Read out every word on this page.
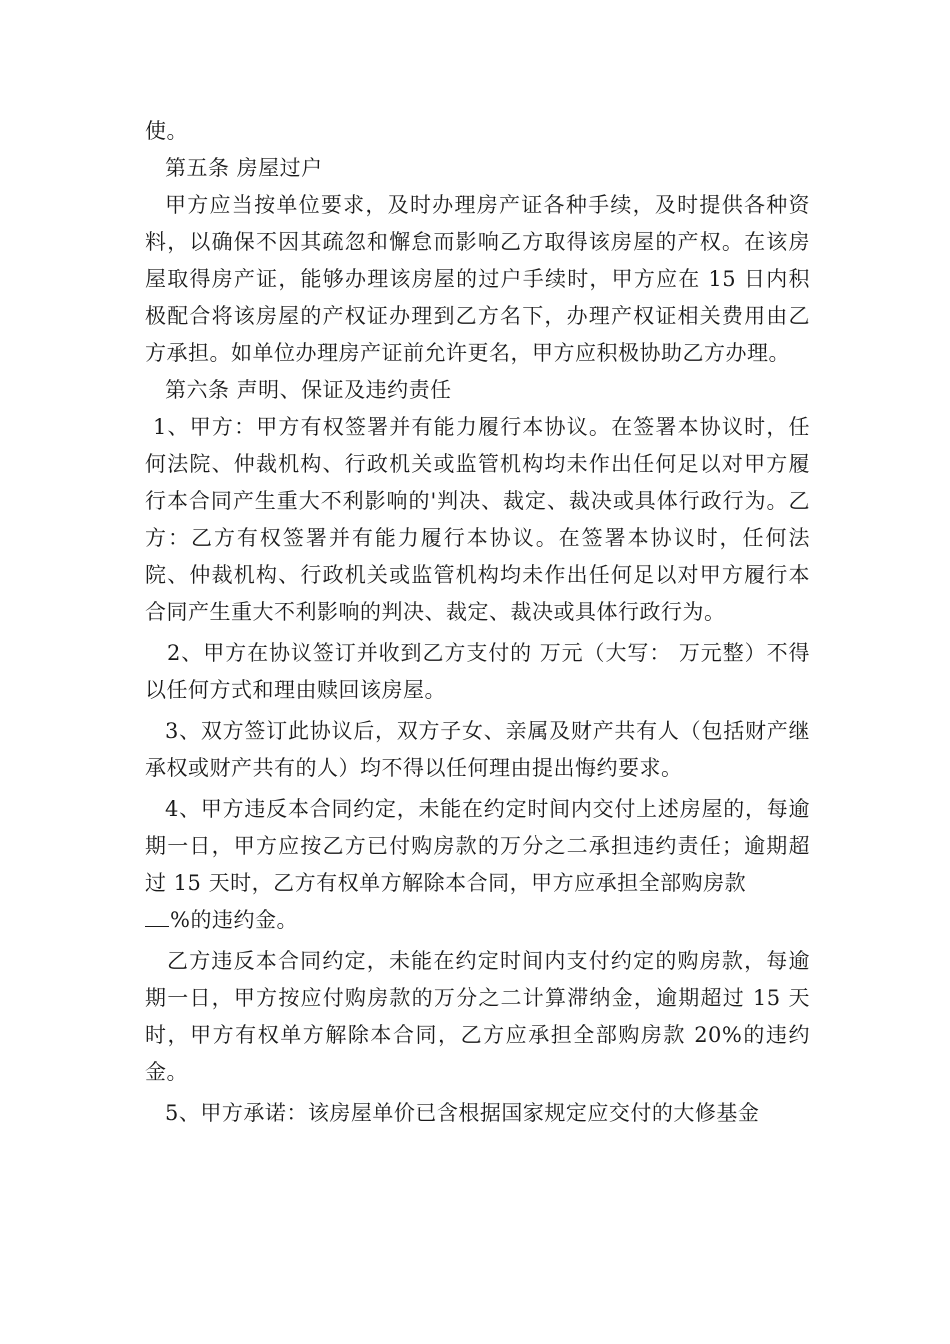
使。

第五条 房屋过户

甲方应当按单位要求，及时办理房产证各种手续，及时提供各种资料，以确保不因其疏忽和懈怠而影响乙方取得该房屋的产权。在该房屋取得房产证，能够办理该房屋的过户手续时，甲方应在 15 日内积极配合将该房屋的产权证办理到乙方名下，办理产权证相关费用由乙方承担。如单位办理房产证前允许更名，甲方应积极协助乙方办理。

第六条 声明、保证及违约责任

1、甲方：甲方有权签署并有能力履行本协议。在签署本协议时，任何法院、仲裁机构、行政机关或监管机构均未作出任何足以对甲方履行本合同产生重大不利影响的'判决、裁定、裁决或具体行政行为。乙方：乙方有权签署并有能力履行本协议。在签署本协议时，任何法院、仲裁机构、行政机关或监管机构均未作出任何足以对甲方履行本合同产生重大不利影响的判决、裁定、裁决或具体行政行为。

2、甲方在协议签订并收到乙方支付的 万元（大写： 万元整）不得以任何方式和理由赎回该房屋。

3、双方签订此协议后，双方子女、亲属及财产共有人（包括财产继承权或财产共有的人）均不得以任何理由提出悔约要求。

4、甲方违反本合同约定，未能在约定时间内交付上述房屋的，每逾期一日，甲方应按乙方已付购房款的万分之二承担违约责任；逾期超过 15 天时，乙方有权单方解除本合同，甲方应承担全部购房款
%的违约金。

乙方违反本合同约定，未能在约定时间内支付约定的购房款，每逾期一日，甲方按应付购房款的万分之二计算滞纳金，逾期超过 15 天时，甲方有权单方解除本合同，乙方应承担全部购房款 20%的违约金。

5、甲方承诺：该房屋单价已含根据国家规定应交付的大修基金
